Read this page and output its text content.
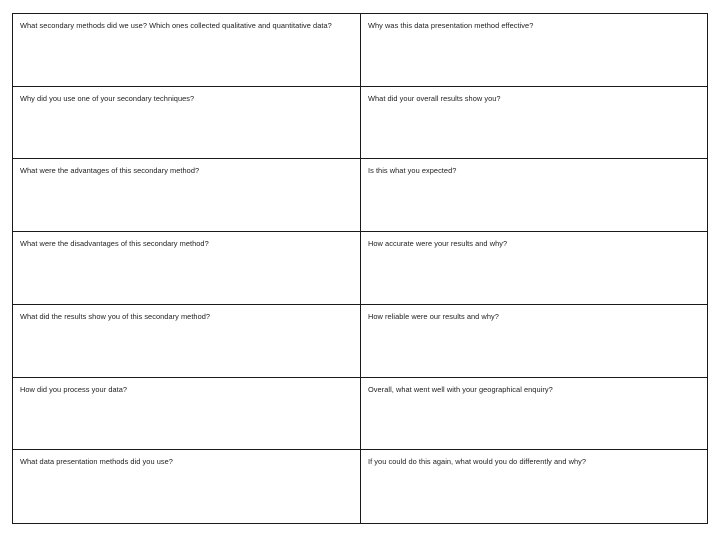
What secondary methods did we use? Which ones collected qualitative and quantitative data?	Why was this data presentation method effective?
Why did you use one of your secondary techniques?	What did your overall results show you?
What were the advantages of this secondary method?	Is this what you expected?
What were the disadvantages of this secondary method?	How accurate were your results and why?
What did the results show you of this secondary method?	How reliable were our results and why?
How did you process your data?	Overall, what went well with your geographical enquiry?
What data presentation methods did you use?	If you could do this again, what would you do differently and why?
